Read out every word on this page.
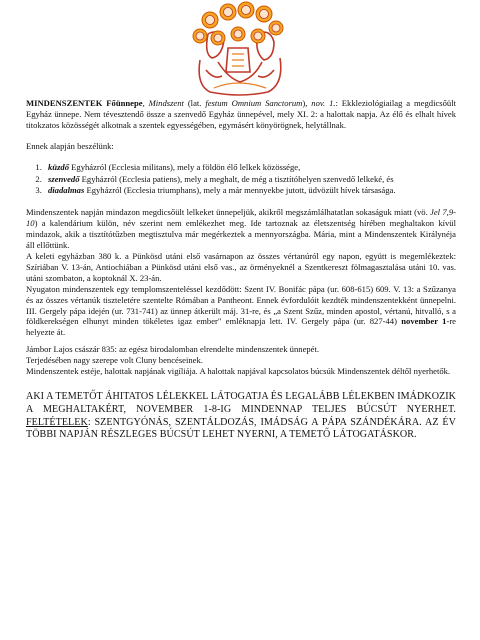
MINDENSZENTEK Főünnepe, Mindszent (lat. festum Omnium Sanctorum), nov. 1.: Ekkleziológiailag a megdicsőült Egyház ünnepe. Nem tévesztendő össze a szenvedő Egyház ünnepével, mely XI. 2: a halottak napja. Az élő és elhalt hívek titokzatos közösségét alkotnak a szentek egyességében, egymásért könyörögnek, helytállnak.

Ennek alapján beszélünk:

1. küzdő Egyházról (Ecclesia militans), mely a földön élő lelkek közössége,
2. szenvedő Egyházról (Ecclesia patiens), mely a meghalt, de még a tisztítóhelyen szenvedő lelkeké, és
3. diadalmas Egyházról (Ecclesia triumphans), mely a már mennyekbe jutott, üdvözült hívek társasága.

Mindenszentek napján mindazon megdicsőült lelkeket ünnepeljük, akikről megszámlálhatatlan sokaságuk miatt (vö. Jel 7,9-10) a kalendárium külön, név szerint nem emlékezhet meg. Ide tartoznak az életszentség hírében meghaltakon kívül mindazok, akik a tisztítótűzben megtisztulva már megérkeztek a mennyországba. Mária, mint a Mindenszentek Királynéja áll ellőttünk.

A keleti egyházban 380 k. a Pünkösd utáni első vasárnapon az összes vértanúról egy napon, együtt is megemlékeztek: Szíriában V. 13-án, Antiochiában a Pünkösd utáni első vas., az örményeknél a Szentkereszt fölmagasztalása utáni 10. vas. utáni szombaton, a koptoknál X. 23-án.

Nyugaton mindenszentek egy templomszenteléssel kezdődött: Szent IV. Bonifác pápa (ur. 608-615) 609. V. 13: a Szűzanya és az összes vértanúk tiszteletére szentelte Rómában a Pantheont. Ennek évfordulóit kezdték mindenszentekként ünnepelni. III. Gergely pápa idején (ur. 731-741) az ünnep átkerült máj. 31-re, és „a Szent Szűz, minden apostol, vértanú, hitvalló, s a földkerekségen elhunyt minden tökéletes igaz ember" emléknapja lett. IV. Gergely pápa (ur. 827-44) november 1-re helyezte át.

Jámbor Lajos császár 835: az egész birodalomban elrendelte mindenszentek ünnepét.

Terjedésében nagy szerepe volt Cluny bencéseinek.

Mindenszentek estéje, halottak napjának vigíliája. A halottak napjával kapcsolatos búcsúk Mindenszentek déltől nyerhetők.

AKI A TEMETŐT ÁHITATOS LÉLEKKEL LÁTOGATJA ÉS LEGALÁBB LÉLEKBEN IMÁDKOZIK A MEGHALTAKÉRT, NOVEMBER 1-8-IG MINDENNAP TELJES BÚCSÚT NYERHET. FELTÉTELEK: SZENTGYÓNÁS, SZENTÁLDOZÁS, IMÁDSÁG A PÁPA SZÁNDÉKÁRA. AZ ÉV TÖBBI NAPJÁN RÉSZLEGES BÚCSÚT LEHET NYERNI, A TEMETŐ LÁTOGATÁSKOR.
